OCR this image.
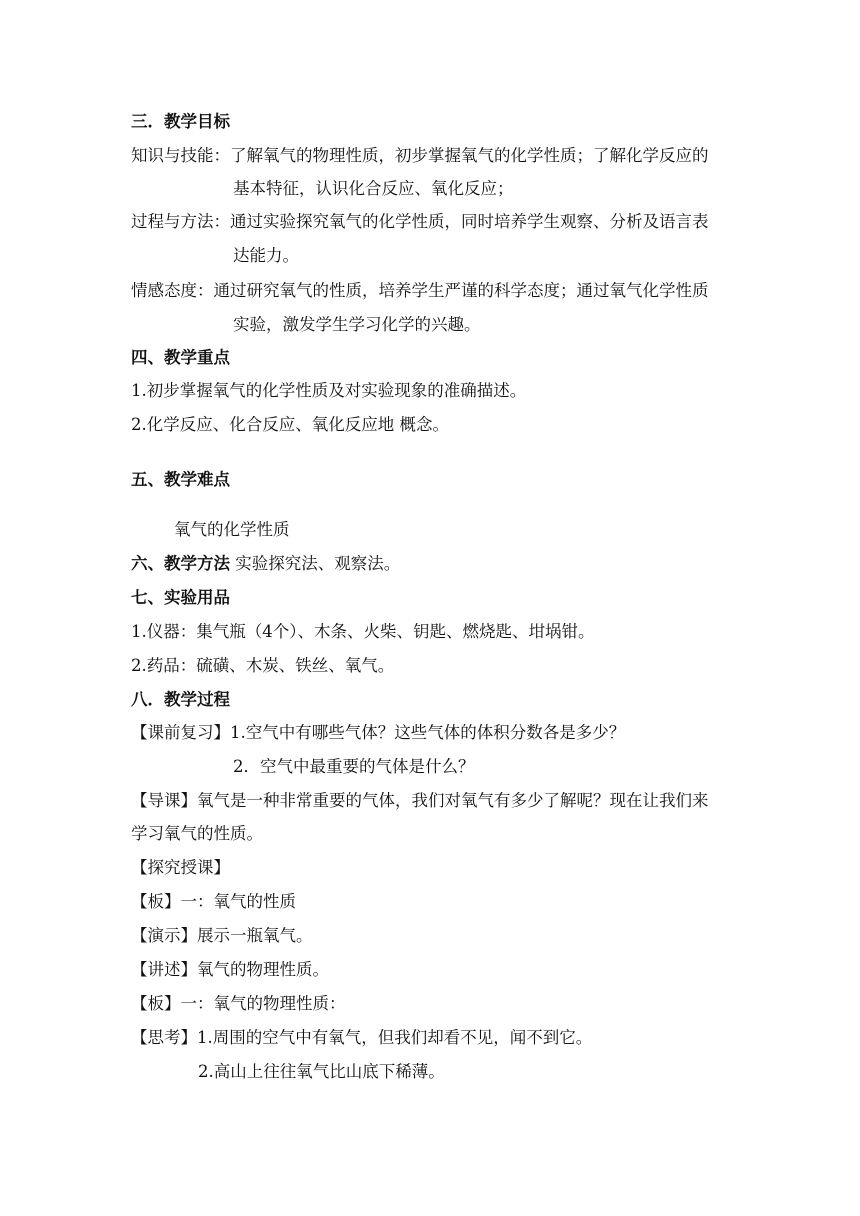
三．教学目标
知识与技能：了解氧气的物理性质，初步掌握氧气的化学性质；了解化学反应的
基本特征，认识化合反应、氧化反应；
过程与方法：通过实验探究氧气的化学性质，同时培养学生观察、分析及语言表
达能力。
情感态度：通过研究氧气的性质，培养学生严谨的科学态度；通过氧气化学性质
实验，激发学生学习化学的兴趣。
四、教学重点
1.初步掌握氧气的化学性质及对实验现象的准确描述。
2.化学反应、化合反应、氧化反应地 概念。
五、教学难点
氧气的化学性质
六、教学方法 实验探究法、观察法。
七、实验用品
1.仪器：集气瓶（4个）、木条、火柴、钥匙、燃烧匙、坩埚钳。
2.药品：硫磺、木炭、铁丝、氧气。
八．教学过程
【课前复习】1.空气中有哪些气体？这些气体的体积分数各是多少？
2．空气中最重要的气体是什么？
【导课】氧气是一种非常重要的气体，我们对氧气有多少了解呢？现在让我们来
学习氧气的性质。
【探究授课】
【板】一：氧气的性质
【演示】展示一瓶氧气。
【讲述】氧气的物理性质。
【板】一：氧气的物理性质：
【思考】1.周围的空气中有氧气，但我们却看不见，闻不到它。
2.高山上往往氧气比山底下稀薄。
